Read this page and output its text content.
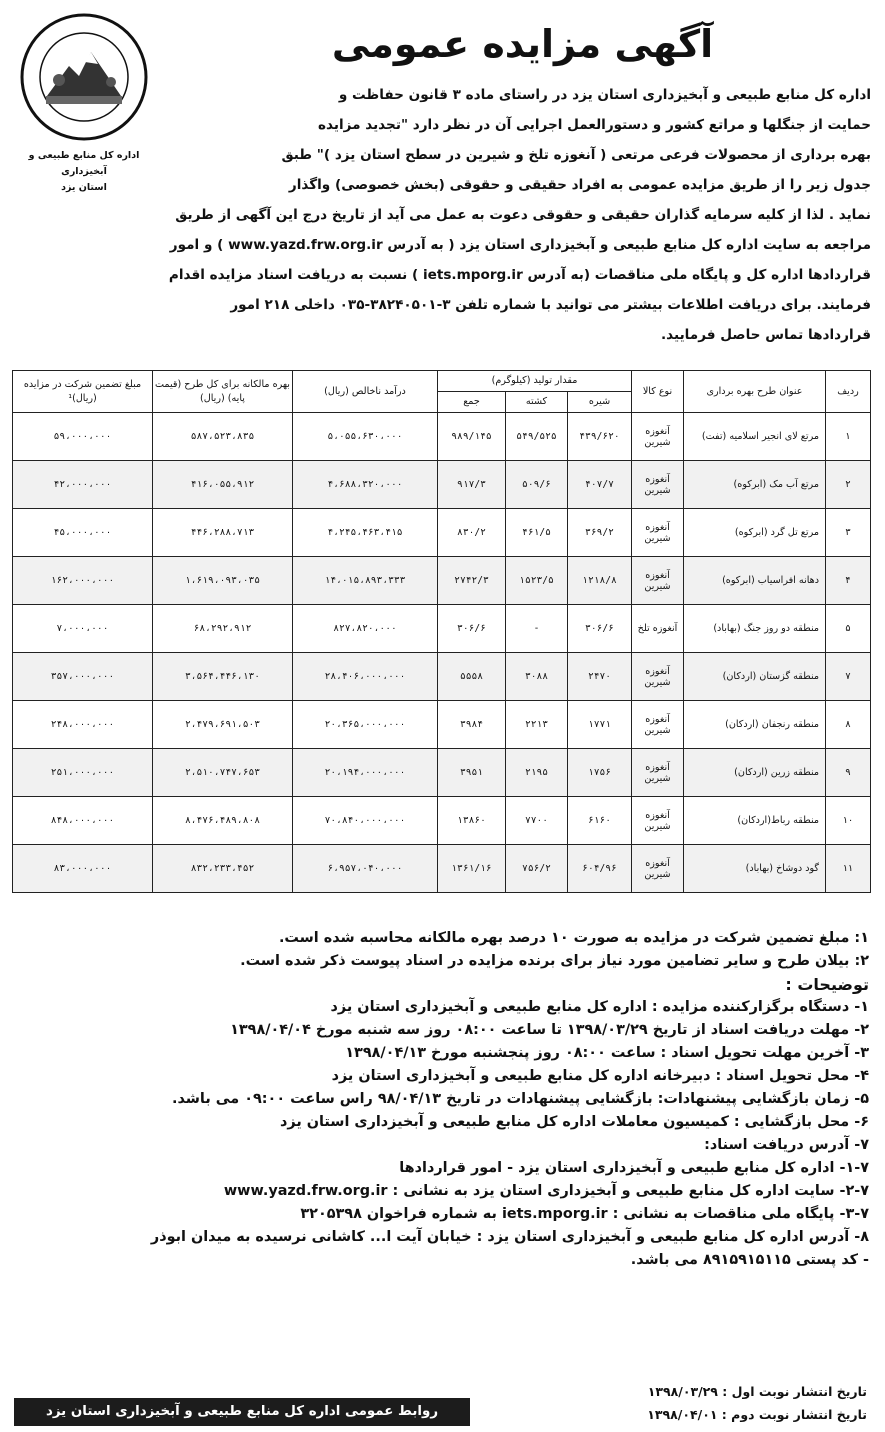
اداره کل منابع طبیعی و آبخیزداری
استان یزد
آگهی مزایده عمومی

اداره کل منابع طبیعی و آبخیزداری استان یزد در راستای ماده ۳ قانون حفاظت و

حمایت از جنگلها و مراتع کشور و دستورالعمل اجرایی آن در نظر دارد "تجدید مزایده

بهره برداری از محصولات فرعی مرتعی ( آنغوزه تلخ و شیرین در سطح استان یزد )" طبق

جدول زیر را از طریق مزایده عمومی به افراد حقیقی و حقوقی (بخش خصوصی) واگذار

نماید . لذا از کلیه سرمایه گذاران حقیقی و حقوقی دعوت به عمل می آید از تاریخ درج این آگهی از طریق

مراجعه به سایت اداره کل منابع طبیعی و آبخیزداری استان یزد ( به آدرس www.yazd.frw.org.ir ) و امور

قراردادها اداره کل و پایگاه ملی مناقصات (به آدرس iets.mporg.ir ) نسبت به دریافت اسناد مزایده اقدام

فرمایند. برای دریافت اطلاعات بیشتر می توانید با شماره تلفن ۳-۳۸۲۴۰۵۰۱-۰۳۵ داخلی ۲۱۸ امور

قراردادها تماس حاصل فرمایید.

ردیف	عنوان طرح بهره برداری	نوع کالا	مقدار تولید (کیلوگرم)			درآمد ناخالص (ریال)	بهره مالکانه برای کل طرح (قیمت پایه) (ریال)	مبلغ تضمین شرکت در مزایده (ریال)¹
			شیره	کشته	جمع			
۱	مرتع لای انجیر اسلامیه (تفت)	آنغوزه شیرین	۴۳۹/۶۲۰	۵۴۹/۵۲۵	۹۸۹/۱۴۵	۵،۰۵۵،۶۳۰،۰۰۰	۵۸۷،۵۲۳،۸۳۵	۵۹،۰۰۰،۰۰۰
۲	مرتع آب مک (ابرکوه)	آنغوزه شیرین	۴۰۷/۷	۵۰۹/۶	۹۱۷/۳	۴،۶۸۸،۳۲۰،۰۰۰	۴۱۶،۰۵۵،۹۱۲	۴۲،۰۰۰،۰۰۰
۳	مرتع تل گرد (ابرکوه)	آنغوزه شیرین	۳۶۹/۲	۴۶۱/۵	۸۳۰/۲	۴،۲۴۵،۴۶۳،۴۱۵	۴۴۶،۲۸۸،۷۱۳	۴۵،۰۰۰،۰۰۰
۴	دهانه افراسیاب (ابرکوه)	آنغوزه شیرین	۱۲۱۸/۸	۱۵۲۳/۵	۲۷۴۲/۳	۱۴،۰۱۵،۸۹۳،۳۳۳	۱،۶۱۹،۰۹۳،۰۳۵	۱۶۲،۰۰۰،۰۰۰
۵	منطقه دو روز جنگ (بهاباد)	آنغوزه تلخ	۳۰۶/۶	-	۳۰۶/۶	۸۲۷،۸۲۰،۰۰۰	۶۸،۲۹۲،۹۱۲	۷،۰۰۰،۰۰۰
۷	منطقه گزستان (اردکان)	آنغوزه شیرین	۲۴۷۰	۳۰۸۸	۵۵۵۸	۲۸،۴۰۶،۰۰۰،۰۰۰	۳،۵۶۴،۴۴۶،۱۳۰	۳۵۷،۰۰۰،۰۰۰
۸	منطقه رنجفان (اردکان)	آنغوزه شیرین	۱۷۷۱	۲۲۱۳	۳۹۸۴	۲۰،۳۶۵،۰۰۰،۰۰۰	۲،۴۷۹،۶۹۱،۵۰۳	۲۴۸،۰۰۰،۰۰۰
۹	منطقه زرین (اردکان)	آنغوزه شیرین	۱۷۵۶	۲۱۹۵	۳۹۵۱	۲۰،۱۹۴،۰۰۰،۰۰۰	۲،۵۱۰،۷۴۷،۶۵۳	۲۵۱،۰۰۰،۰۰۰
۱۰	منطقه رباط(اردکان)	آنغوزه شیرین	۶۱۶۰	۷۷۰۰	۱۳۸۶۰	۷۰،۸۴۰،۰۰۰،۰۰۰	۸،۴۷۶،۴۸۹،۸۰۸	۸۴۸،۰۰۰،۰۰۰
۱۱	گود دوشاخ (بهاباد)	آنغوزه شیرین	۶۰۴/۹۶	۷۵۶/۲	۱۳۶۱/۱۶	۶،۹۵۷،۰۴۰،۰۰۰	۸۳۲،۲۳۳،۴۵۲	۸۳،۰۰۰،۰۰۰
۱: مبلغ تضمین شرکت در مزایده به صورت ۱۰ درصد بهره مالکانه محاسبه شده است.
۲: بیلان طرح و سایر تضامین مورد نیاز برای برنده مزایده در اسناد پیوست ذکر شده است.
توضیحات :
۱- دستگاه برگزارکننده مزایده : اداره کل منابع طبیعی و آبخیزداری استان یزد
۲- مهلت دریافت اسناد از تاریخ ۱۳۹۸/۰۳/۲۹ تا ساعت ۰۸:۰۰ روز سه شنبه مورخ ۱۳۹۸/۰۴/۰۴
۳- آخرین مهلت تحویل اسناد : ساعت ۰۸:۰۰ روز پنجشنبه مورخ ۱۳۹۸/۰۴/۱۳
۴- محل تحویل اسناد : دبیرخانه اداره کل منابع طبیعی و آبخیزداری استان یزد
۵- زمان بازگشایی پیشنهادات: بازگشایی پیشنهادات در تاریخ ۹۸/۰۴/۱۳ راس ساعت ۰۹:۰۰ می باشد.
۶- محل بازگشایی : کمیسیون معاملات اداره کل منابع طبیعی و آبخیزداری استان یزد
۷- آدرس دریافت اسناد:
۱-۷- اداره کل منابع طبیعی و آبخیزداری استان یزد - امور قراردادها
۲-۷- سایت اداره کل منابع طبیعی و آبخیزداری استان یزد به نشانی : www.yazd.frw.org.ir
۳-۷- پایگاه ملی مناقصات به نشانی : iets.mporg.ir به شماره فراخوان ۳۲۰۵۳۹۸
۸- آدرس اداره کل منابع طبیعی و آبخیزداری استان یزد : خیابان آیت ا... کاشانی نرسیده به میدان ابوذر
- کد پستی ۸۹۱۵۹۱۵۱۱۵ می باشد.
تاریخ انتشار نوبت اول : ۱۳۹۸/۰۳/۲۹
تاریخ انتشار نوبت دوم : ۱۳۹۸/۰۴/۰۱
روابط عمومی اداره کل منابع طبیعی و آبخیزداری استان یزد
